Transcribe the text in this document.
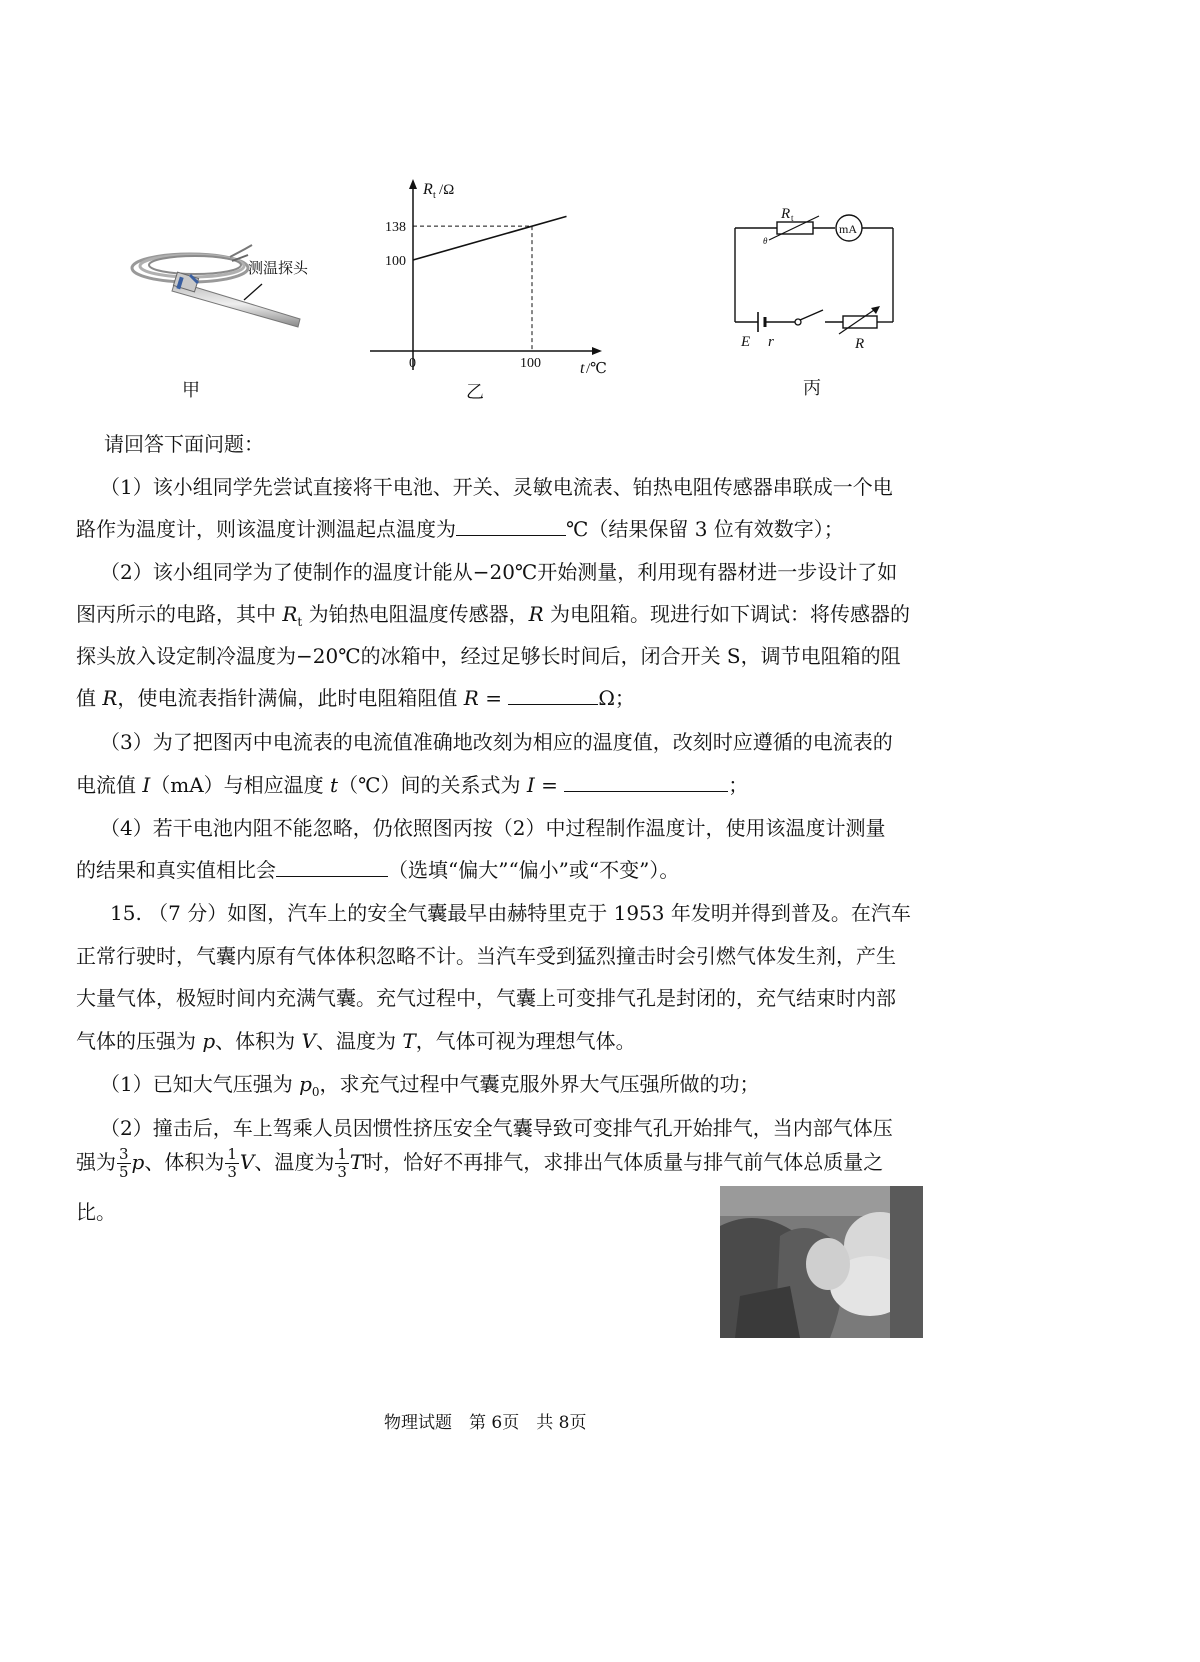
测温探头
甲
100
138
100
R t /Ω
0	t /℃
乙
R t
θ
mA
E r	R
丙
请回答下面问题：
（1）该小组同学先尝试直接将干电池、开关、灵敏电流表、铂热电阻传感器串联成一个电
路作为温度计，则该温度计测温起点温度为	℃（结果保留 3 位有效数字）；
（2）该小组同学为了使制作的温度计能从−20℃开始测量，利用现有器材进一步设计了如
图丙所示的电路，其中 $R_t$ 为铂热电阻温度传感器，R 为电阻箱。现进行如下调试：将传感器的
探头放入设定制冷温度为−20℃的冰箱中，经过足够长时间后，闭合开关 S，调节电阻箱的阻
值 R，使电流表指针满偏，此时电阻箱阻值 R =	Ω；
（3）为了把图丙中电流表的电流值准确地改刻为相应的温度值，改刻时应遵循的电流表的
电流值 I（mA）与相应温度 t（℃）间的关系式为 I =	；
（4）若干电池内阻不能忽略，仍依照图丙按（2）中过程制作温度计，使用该温度计测量
的结果和真实值相比会	（选填“偏大”“偏小”或“不变”）。
15. （7 分）如图，汽车上的安全气囊最早由赫特里克于 1953 年发明并得到普及。在汽车
正常行驶时，气囊内原有气体体积忽略不计。当汽车受到猛烈撞击时会引燃气体发生剂，产生
大量气体，极短时间内充满气囊。充气过程中，气囊上可变排气孔是封闭的，充气结束时内部
气体的压强为 p、体积为 V、温度为 T，气体可视为理想气体。
（1）已知大气压强为 $p_0$，求充气过程中气囊克服外界大气压强所做的功；
（2）撞击后，车上驾乘人员因惯性挤压安全气囊导致可变排气孔开始排气，当内部气体压
强为 $\frac{3}{5}$ p、体积为 $\frac{1}{3}$ V、温度为 $\frac{1}{3}$ T时，恰好不再排气，求排出气体质量与排气前气体总质量之
比。
物理试题　第 6页　共 8页
